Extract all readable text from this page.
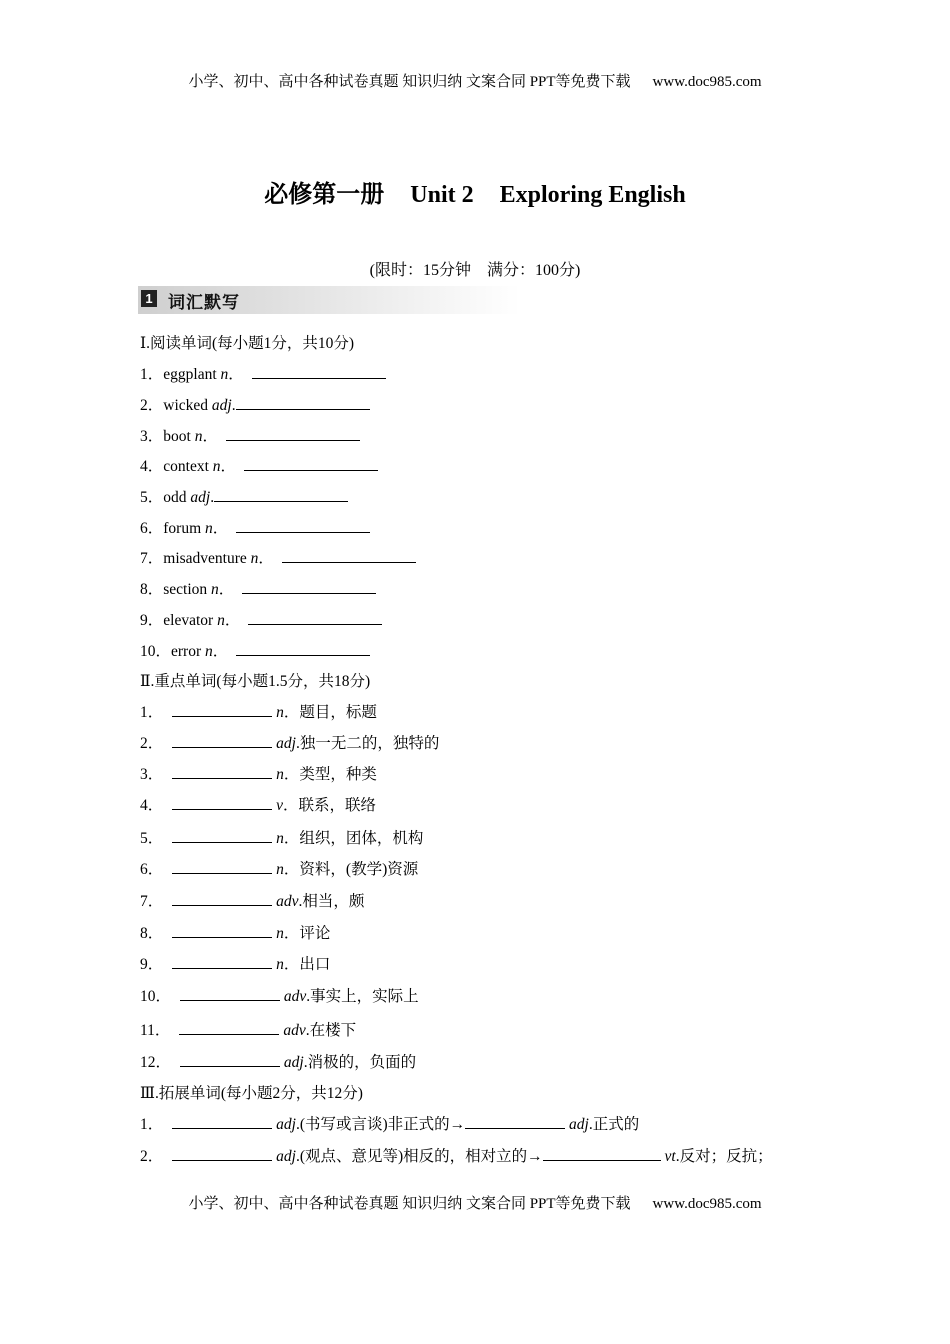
小学、初中、高中各种试卷真题 知识归纳 文案合同 PPT等免费下载 www.doc985.com
必修第一册 Unit 2 Exploring English
(限时：15分钟　满分：100分)
1 词汇默写
Ⅰ.阅读单词(每小题1分，共10分)
1．eggplant n．
2．wicked adj.
3．boot n．
4．context n．
5．odd adj.
6．forum n．
7．misadventure n．
8．section n．
9．elevator n．
10．error n．
Ⅱ.重点单词(每小题1.5分，共18分)
1．	n．题目，标题
2．	adj.独一无二的，独特的
3．	n．类型，种类
4．	v．联系，联络
5．	n．组织，团体，机构
6．	n．资料，(教学)资源
7．	adv.相当，颇
8．	n．评论
9．	n．出口
10．	adv.事实上，实际上
11．	adv.在楼下
12．	adj.消极的，负面的
Ⅲ.拓展单词(每小题2分，共12分)
1．	adj.(书写或言谈)非正式的→	adj.正式的
2．	adj.(观点、意见等)相反的，相对立的→	vt.反对；反抗；
小学、初中、高中各种试卷真题 知识归纳 文案合同 PPT等免费下载 www.doc985.com
